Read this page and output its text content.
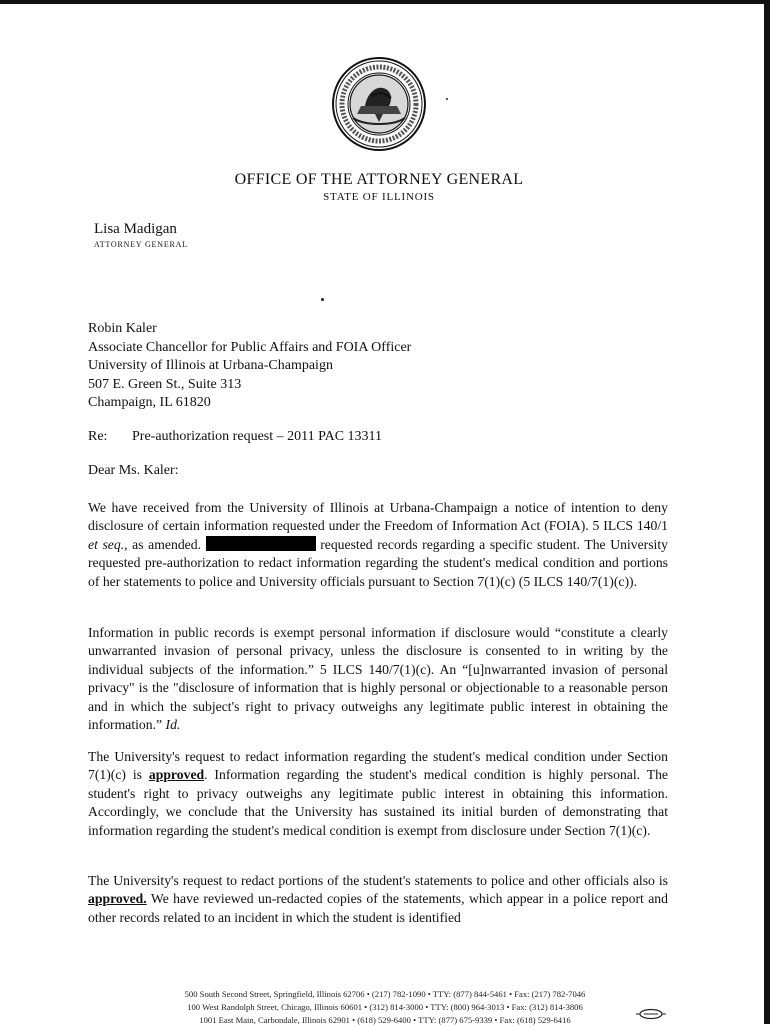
OFFICE OF THE ATTORNEY GENERAL
STATE OF ILLINOIS
Lisa Madigan
ATTORNEY GENERAL
Robin Kaler
Associate Chancellor for Public Affairs and FOIA Officer
University of Illinois at Urbana-Champaign
507 E. Green St., Suite 313
Champaign, IL 61820
Re: Pre-authorization request – 2011 PAC 13311
Dear Ms. Kaler:
We have received from the University of Illinois at Urbana-Champaign a notice of intention to deny disclosure of certain information requested under the Freedom of Information Act (FOIA). 5 ILCS 140/1 et seq., as amended.	requested records regarding a specific student. The University requested pre-authorization to redact information regarding the student's medical condition and portions of her statements to police and University officials pursuant to Section 7(1)(c) (5 ILCS 140/7(1)(c)).
Information in public records is exempt personal information if disclosure would “constitute a clearly unwarranted invasion of personal privacy, unless the disclosure is consented to in writing by the individual subjects of the information.” 5 ILCS 140/7(1)(c). An “[u]nwarranted invasion of personal privacy" is the "disclosure of information that is highly personal or objectionable to a reasonable person and in which the subject's right to privacy outweighs any legitimate public interest in obtaining the information.” Id.
The University's request to redact information regarding the student's medical condition under Section 7(1)(c) is approved. Information regarding the student's medical condition is highly personal. The student's right to privacy outweighs any legitimate public interest in obtaining this information. Accordingly, we conclude that the University has sustained its initial burden of demonstrating that information regarding the student's medical condition is exempt from disclosure under Section 7(1)(c).
The University's request to redact portions of the student's statements to police and other officials also is approved. We have reviewed un-redacted copies of the statements, which appear in a police report and other records related to an incident in which the student is identified
500 South Second Street, Springfield, Illinois 62706 • (217) 782-1090 • TTY: (877) 844-5461 • Fax: (217) 782-7046
100 West Randolph Street, Chicago, Illinois 60601 • (312) 814-3000 • TTY: (800) 964-3013 • Fax: (312) 814-3806
1001 East Main, Carbondale, Illinois 62901 • (618) 529-6400 • TTY: (877) 675-9339 • Fax: (618) 529-6416
